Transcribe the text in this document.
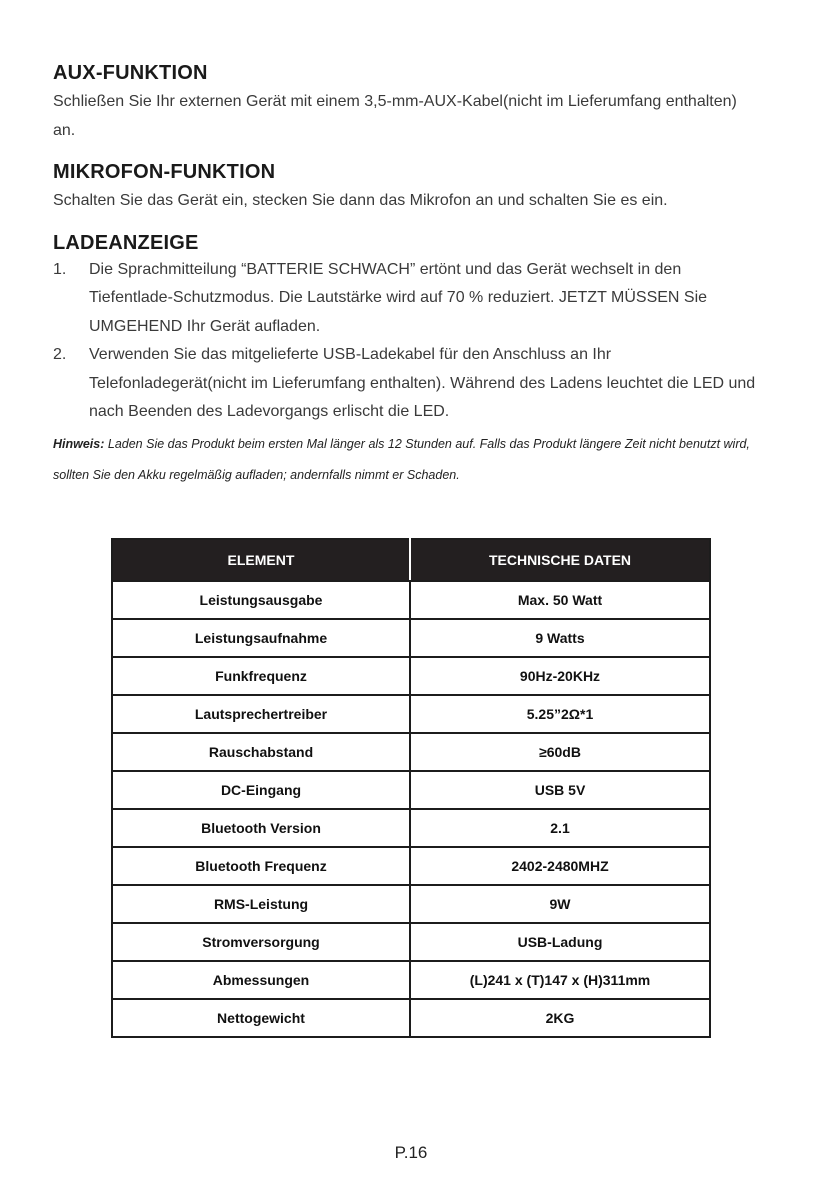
AUX-FUNKTION

Schließen Sie Ihr externen Gerät mit einem 3,5-mm-AUX-Kabel(nicht im Lieferumfang enthalten) an.

MIKROFON-FUNKTION

Schalten Sie das Gerät ein, stecken Sie dann das Mikrofon an und schalten Sie es ein.

LADEANZEIGE
1. Die Sprachmitteilung “BATTERIE SCHWACH” ertönt und das Gerät wechselt in den Tiefentlade-Schutzmodus. Die Lautstärke wird auf 70 % reduziert. JETZT MÜSSEN Sie UMGEHEND Ihr Gerät aufladen.
2. Verwenden Sie das mitgelieferte USB-Ladekabel für den Anschluss an Ihr Telefonladegerät(nicht im Lieferumfang enthalten). Während des Ladens leuchtet die LED und nach Beenden des Ladevorgangs erlischt die LED.
Hinweis: Laden Sie das Produkt beim ersten Mal länger als 12 Stunden auf. Falls das Produkt längere Zeit nicht benutzt wird, sollten Sie den Akku regelmäßig aufladen; andernfalls nimmt er Schaden.
ELEMENT	TECHNISCHE DATEN
Leistungsausgabe	Max. 50 Watt
Leistungsaufnahme	9 Watts
Funkfrequenz	90Hz-20KHz
Lautsprechertreiber	5.25”2Ω*1
Rauschabstand	≥60dB
DC-Eingang	USB 5V
Bluetooth Version	2.1
Bluetooth Frequenz	2402-2480MHZ
RMS-Leistung	9W
Stromversorgung	USB-Ladung
Abmessungen	(L)241 x (T)147 x (H)311mm
Nettogewicht	2KG
P.16
